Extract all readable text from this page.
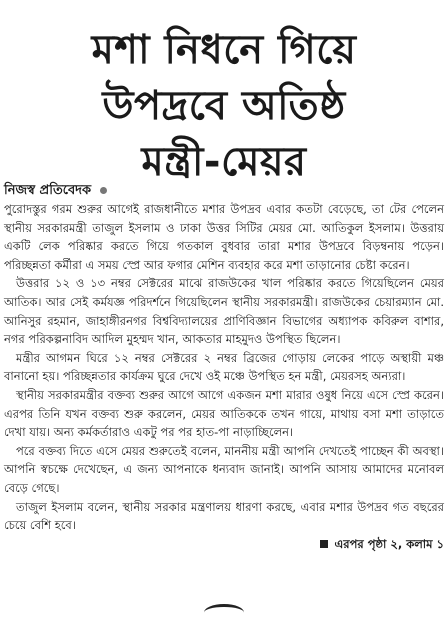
মশা নিধনে গিয়ে
উপদ্রবে অতিষ্ঠ
মন্ত্রী-মেয়র
নিজস্ব প্রতিবেদক

পুরোদস্তুর গরম শুরুর আগেই রাজধানীতে মশার উপদ্রব এবার কতটা বেড়েছে, তা টের পেলেন স্থানীয় সরকারমন্ত্রী তাজুল ইসলাম ও ঢাকা উত্তর সিটির মেয়র মো. আতিকুল ইসলাম। উত্তরায় একটি লেক পরিষ্কার করতে গিয়ে গতকাল বুধবার তারা মশার উপদ্রবে বিড়ম্বনায় পড়েন। পরিচ্ছন্নতা কর্মীরা এ সময় স্প্রে আর ফগার মেশিন ব্যবহার করে মশা তাড়ানোর চেষ্টা করেন।

উত্তরার ১২ ও ১৩ নম্বর সেক্টরের মাঝে রাজউকের খাল পরিষ্কার করতে গিয়েছিলেন মেয়র আতিক। আর সেই কর্মযজ্ঞ পরিদর্শনে গিয়েছিলেন স্থানীয় সরকারমন্ত্রী। রাজউকের চেয়ারম্যান মো. আনিসুর রহমান, জাহাঙ্গীরনগর বিশ্ববিদ্যালয়ের প্রাণিবিজ্ঞান বিভাগের অধ্যাপক কবিরুল বাশার, নগর পরিকল্পনাবিদ আদিল মুহম্মদ খান, আকতার মাহমুদও উপস্থিত ছিলেন।

মন্ত্রীর আগমন ঘিরে ১২ নম্বর সেক্টরের ২ নম্বর ব্রিজের গোড়ায় লেকের পাড়ে অস্থায়ী মঞ্চ বানানো হয়। পরিচ্ছন্নতার কার্যক্রম ঘুরে দেখে ওই মঞ্চে উপস্থিত হন মন্ত্রী, মেয়রসহ অন্যরা।

স্থানীয় সরকারমন্ত্রীর বক্তব্য শুরুর আগে আগে একজন মশা মারার ওষুধ নিয়ে এসে স্প্রে করেন। এরপর তিনি যখন বক্তব্য শুরু করলেন, মেয়র আতিককে তখন গায়ে, মাথায় বসা মশা তাড়াতে দেখা যায়। অন্য কর্মকর্তারাও একটু পর পর হাত-পা নাড়াচ্ছিলেন।

পরে বক্তব্য দিতে এসে মেয়র শুরুতেই বলেন, মাননীয় মন্ত্রী আপনি দেখতেই পাচ্ছেন কী অবস্থা। আপনি স্বচক্ষে দেখেছেন, এ জন্য আপনাকে ধন্যবাদ জানাই। আপনি আসায় আমাদের মনোবল বেড়ে গেছে।

তাজুল ইসলাম বলেন, স্থানীয় সরকার মন্ত্রণালয় ধারণা করছে, এবার মশার উপদ্রব গত বছরের চেয়ে বেশি হবে।

এরপর পৃষ্ঠা ২, কলাম ১
